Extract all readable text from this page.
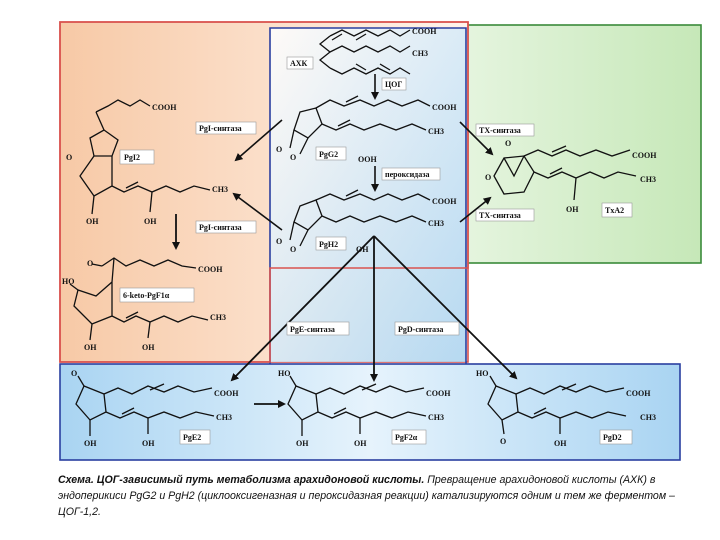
COOH
CH3
АХК
ЦОГ
O
O
COOH
CH3
OOH
PgG2
пероксидаза
O
O
COOH
CH3
OH
PgH2
COOH
O
CH3
OH	OH
PgI2
PgI-синтаза
PgI-синтаза
O
COOH
HO
CH3
OH	OH
6-keto-PgF1α
O
O
COOH
CH3
OH	TxA2
TX-синтаза
TX-синтаза
PgE-синтаза	PgD-синтаза
O
COOH
CH3
OH	OH
PgE2
HO
COOH
CH3
OH	OH
PgF2α
HO
COOH
CH3
O	OH
PgD2
Схема. ЦОГ-зависимый путь метаболизма арахидоновой кислоты. Превращение арахидоновой кислоты (АХК) в эндоперикиси PgG2 и PgH2 (циклооксигеназная и пероксидазная реакции) катализируются одним и тем же ферментом – ЦОГ-1,2.
